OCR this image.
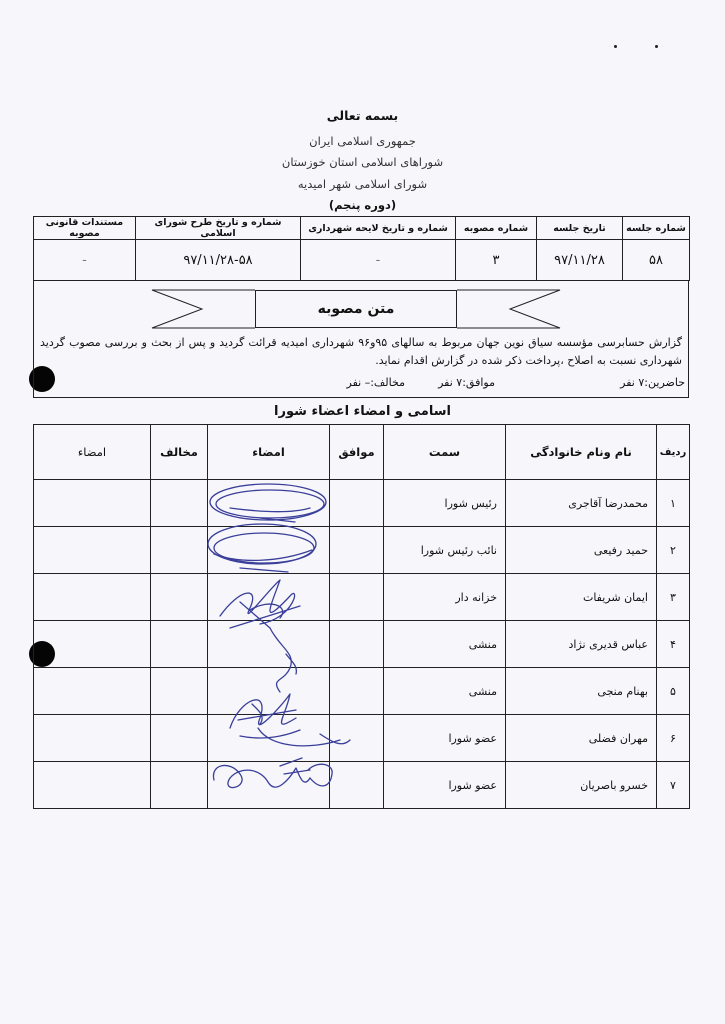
بسمه تعالی
جمهوری اسلامی ایران
شوراهای اسلامی استان خوزستان
شورای اسلامی شهر امیدیه
(دوره پنجم)
شماره جلسه	تاریخ جلسه	شماره مصوبه	شماره و تاریخ لایحه شهرداری	شماره و تاریخ طرح شورای اسلامی	مستندات قانونی مصوبه
۵۸	۹۷/۱۱/۲۸	۳	-	۹۷/۱۱/۲۸-۵۸	-
متن مصوبه
گزارش حسابرسی مؤسسه سیاق نوین جهان مربوط به سالهای ۹۵و۹۶ شهرداری امیدیه قرائت گردید و پس از بحث و بررسی مصوب گردید شهرداری نسبت به اصلاح ،پرداخت ذکر شده در گزارش اقدام نماید.
حاضرین:۷ نفر
موافق:۷ نفر
مخالف:– نفر
اسامی و امضاء اعضاء شورا
ردیف	نام ونام خانوادگی	سمت	موافق	امضاء	مخالف	امضاء
۱	محمدرضا آقاجری	رئیس شورا				
۲	حمید رفیعی	نائب رئیس شورا				
۳	ایمان شریفات	خزانه دار				
۴	عباس قدیری نژاد	منشی				
۵	بهنام منجی	منشی				
۶	مهران فضلی	عضو شورا				
۷	خسرو باصریان	عضو شورا				
